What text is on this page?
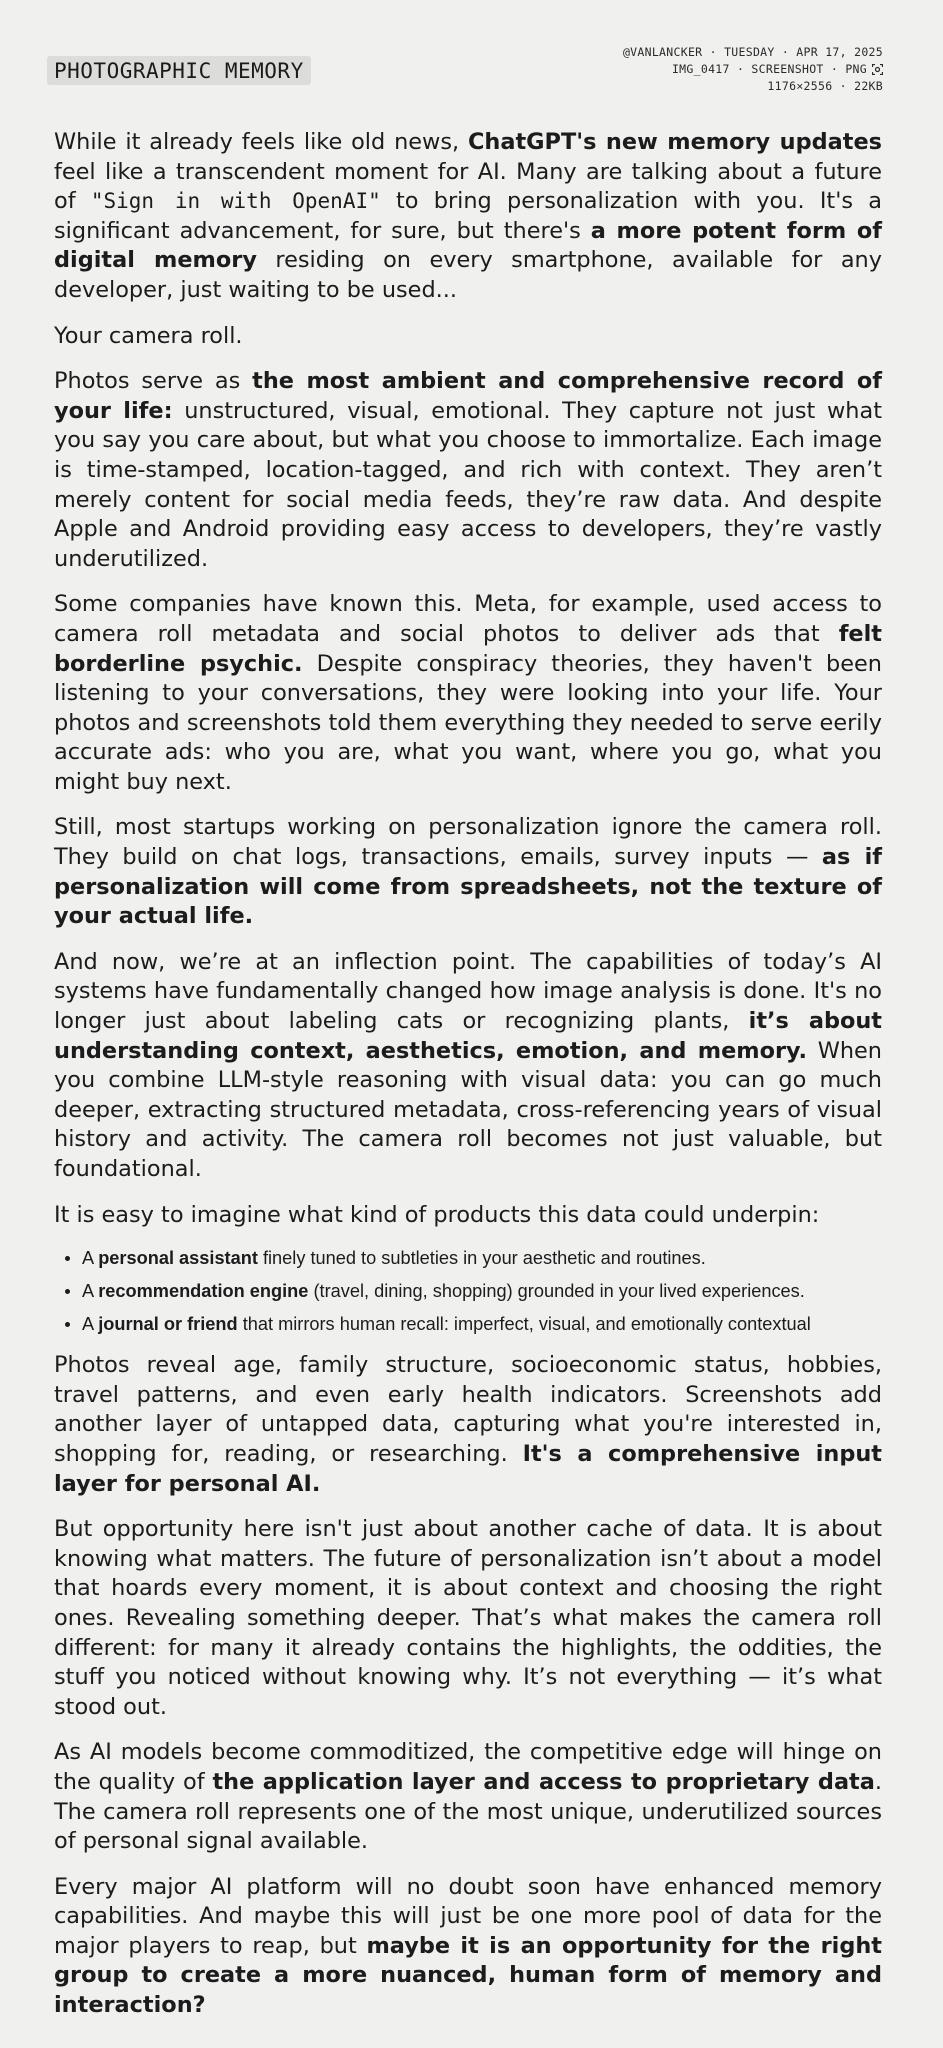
PHOTOGRAPHIC MEMORY
@VANLANCKER · TUESDAY · APR 17, 2025
IMG_0417 · SCREENSHOT · PNG
1176×2556 · 22KB

While it already feels like old news, ChatGPT's new memory updates feel like a transcendent moment for AI. Many are talking about a future of "Sign in with OpenAI" to bring personalization with you. It's a significant advancement, for sure, but there's a more potent form of digital memory residing on every smartphone, available for any developer, just waiting to be used...

Your camera roll.

Photos serve as the most ambient and comprehensive record of your life: unstructured, visual, emotional. They capture not just what you say you care about, but what you choose to immortalize. Each image is time-stamped, location-tagged, and rich with context. They aren’t merely content for social media feeds, they’re raw data. And despite Apple and Android providing easy access to developers, they’re vastly underutilized.

Some companies have known this. Meta, for example, used access to camera roll metadata and social photos to deliver ads that felt borderline psychic. Despite conspiracy theories, they haven't been listening to your conversations, they were looking into your life. Your photos and screenshots told them everything they needed to serve eerily accurate ads: who you are, what you want, where you go, what you might buy next.

Still, most startups working on personalization ignore the camera roll. They build on chat logs, transactions, emails, survey inputs — as if personalization will come from spreadsheets, not the texture of your actual life.

And now, we’re at an inflection point. The capabilities of today’s AI systems have fundamentally changed how image analysis is done. It's no longer just about labeling cats or recognizing plants, it’s about understanding context, aesthetics, emotion, and memory. When you combine LLM-style reasoning with visual data: you can go much deeper, extracting structured metadata, cross-referencing years of visual history and activity. The camera roll becomes not just valuable, but foundational.

It is easy to imagine what kind of products this data could underpin:

A personal assistant finely tuned to subtleties in your aesthetic and routines.
A recommendation engine (travel, dining, shopping) grounded in your lived experiences.
A journal or friend that mirrors human recall: imperfect, visual, and emotionally contextual

Photos reveal age, family structure, socioeconomic status, hobbies, travel patterns, and even early health indicators. Screenshots add another layer of untapped data, capturing what you're interested in, shopping for, reading, or researching. It's a comprehensive input layer for personal AI.

But opportunity here isn't just about another cache of data. It is about knowing what matters. The future of personalization isn’t about a model that hoards every moment, it is about context and choosing the right ones. Revealing something deeper. That’s what makes the camera roll different: for many it already contains the highlights, the oddities, the stuff you noticed without knowing why. It’s not everything — it’s what stood out.

As AI models become commoditized, the competitive edge will hinge on the quality of the application layer and access to proprietary data. The camera roll represents one of the most unique, underutilized sources of personal signal available.

Every major AI platform will no doubt soon have enhanced memory capabilities. And maybe this will just be one more pool of data for the major players to reap, but maybe it is an opportunity for the right group to create a more nuanced, human form of memory and interaction?
